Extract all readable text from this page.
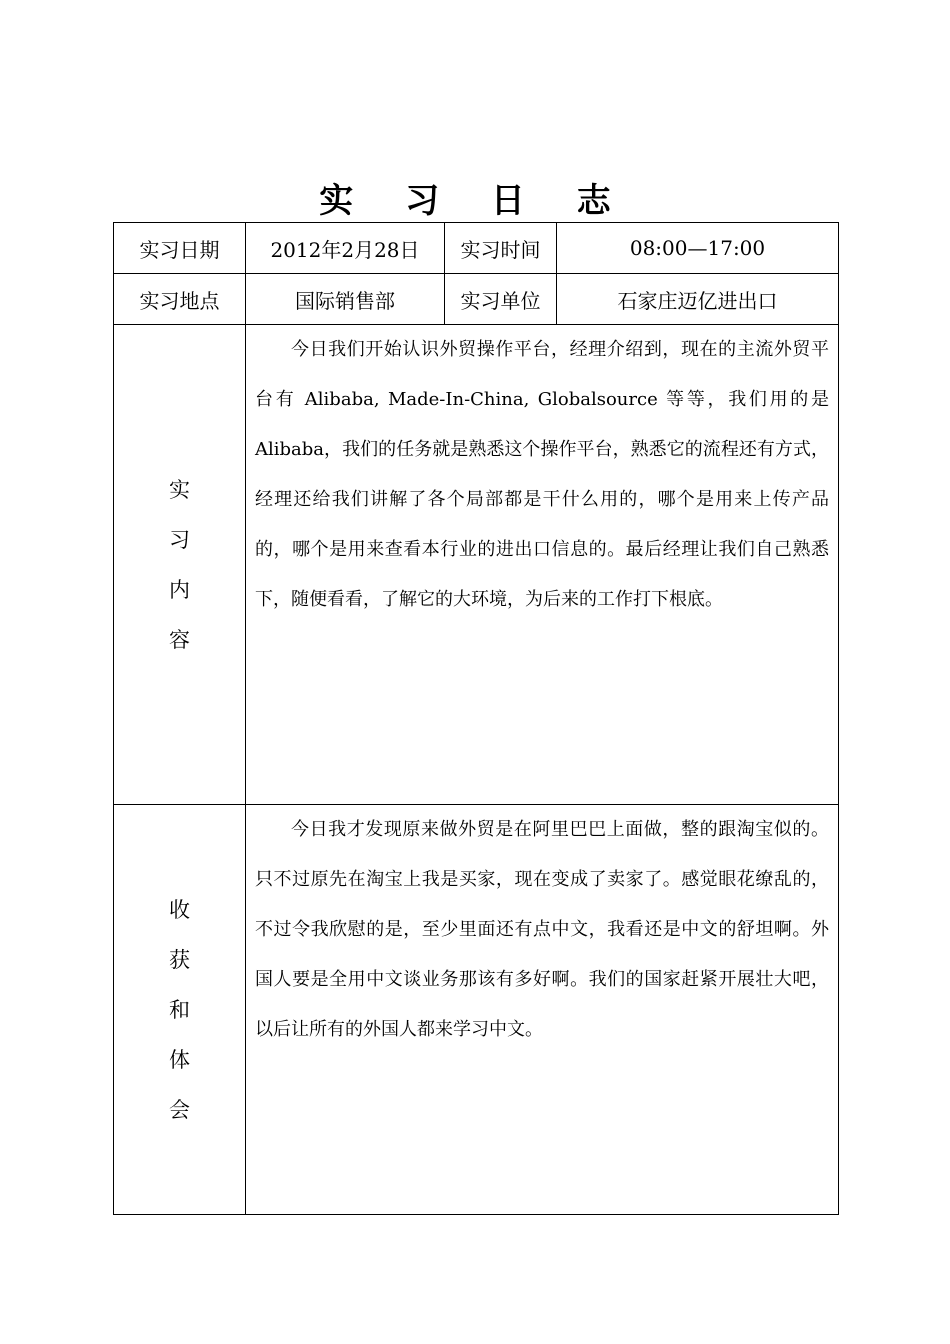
实 习 日 志
实习日期	2012年2月28日	实习时间	08:00—17:00
实习地点	国际销售部	实习单位	石家庄迈亿进出口

实
习
内
容	今日我们开始认识外贸操作平台，经理介绍到，现在的主流外贸平台有 Alibaba, Made-In-China, Globalsource 等等，我们用的是 Alibaba，我们的任务就是熟悉这个操作平台，熟悉它的流程还有方式，经理还给我们讲解了各个局部都是干什么用的，哪个是用来上传产品的，哪个是用来查看本行业的进出口信息的。最后经理让我们自己熟悉下，随便看看，了解它的大环境，为后来的工作打下根底。		

收
获
和
体
会	今日我才发现原来做外贸是在阿里巴巴上面做，整的跟淘宝似的。只不过原先在淘宝上我是买家，现在变成了卖家了。感觉眼花缭乱的，不过令我欣慰的是，至少里面还有点中文，我看还是中文的舒坦啊。外国人要是全用中文谈业务那该有多好啊。我们的国家赶紧开展壮大吧，以后让所有的外国人都来学习中文。		
